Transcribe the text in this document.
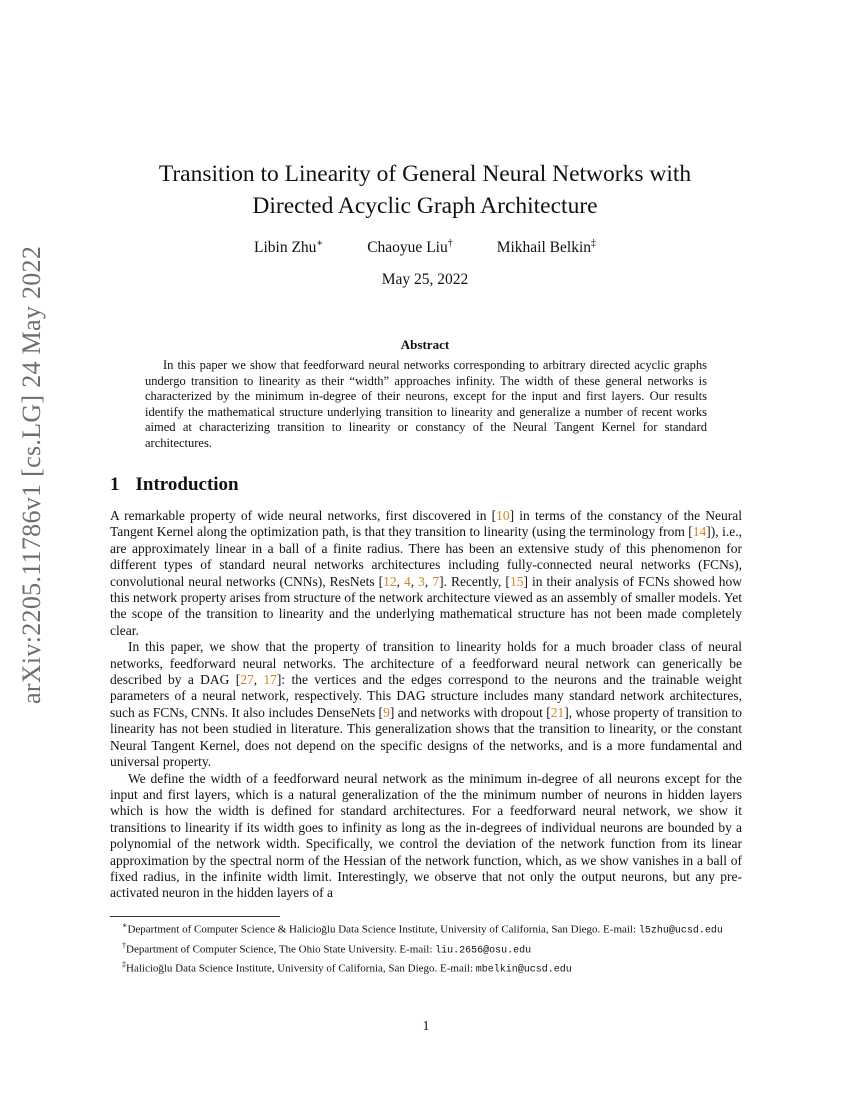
arXiv:2205.11786v1 [cs.LG] 24 May 2022
Transition to Linearity of General Neural Networks with
Directed Acyclic Graph Architecture
Libin Zhu∗	Chaoyue Liu†	Mikhail Belkin‡
May 25, 2022
Abstract
In this paper we show that feedforward neural networks corresponding to arbitrary directed acyclic graphs undergo transition to linearity as their “width” approaches infinity. The width of these general networks is characterized by the minimum in-degree of their neurons, except for the input and first layers. Our results identify the mathematical structure underlying transition to linearity and generalize a number of recent works aimed at characterizing transition to linearity or constancy of the Neural Tangent Kernel for standard architectures.
1 Introduction

A remarkable property of wide neural networks, first discovered in [10] in terms of the constancy of the Neural Tangent Kernel along the optimization path, is that they transition to linearity (using the terminology from [14]), i.e., are approximately linear in a ball of a finite radius. There has been an extensive study of this phenomenon for different types of standard neural networks architectures including fully-connected neural networks (FCNs), convolutional neural networks (CNNs), ResNets [12, 4, 3, 7]. Recently, [15] in their analysis of FCNs showed how this network property arises from structure of the network architecture viewed as an assembly of smaller models. Yet the scope of the transition to linearity and the underlying mathematical structure has not been made completely clear.

In this paper, we show that the property of transition to linearity holds for a much broader class of neural networks, feedforward neural networks. The architecture of a feedforward neural network can generically be described by a DAG [27, 17]: the vertices and the edges correspond to the neurons and the trainable weight parameters of a neural network, respectively. This DAG structure includes many standard network architectures, such as FCNs, CNNs. It also includes DenseNets [9] and networks with dropout [21], whose property of transition to linearity has not been studied in literature. This generalization shows that the transition to linearity, or the constant Neural Tangent Kernel, does not depend on the specific designs of the networks, and is a more fundamental and universal property.

We define the width of a feedforward neural network as the minimum in-degree of all neurons except for the input and first layers, which is a natural generalization of the the minimum number of neurons in hidden layers which is how the width is defined for standard architectures. For a feedforward neural network, we show it transitions to linearity if its width goes to infinity as long as the in-degrees of individual neurons are bounded by a polynomial of the network width. Specifically, we control the deviation of the network function from its linear approximation by the spectral norm of the Hessian of the network function, which, as we show vanishes in a ball of fixed radius, in the infinite width limit. Interestingly, we observe that not only the output neurons, but any pre-activated neuron in the hidden layers of a

∗Department of Computer Science & Halicioğlu Data Science Institute, University of California, San Diego. E-mail: l5zhu@ucsd.edu

†Department of Computer Science, The Ohio State University. E-mail: liu.2656@osu.edu

‡Halicioğlu Data Science Institute, University of California, San Diego. E-mail: mbelkin@ucsd.edu

1
